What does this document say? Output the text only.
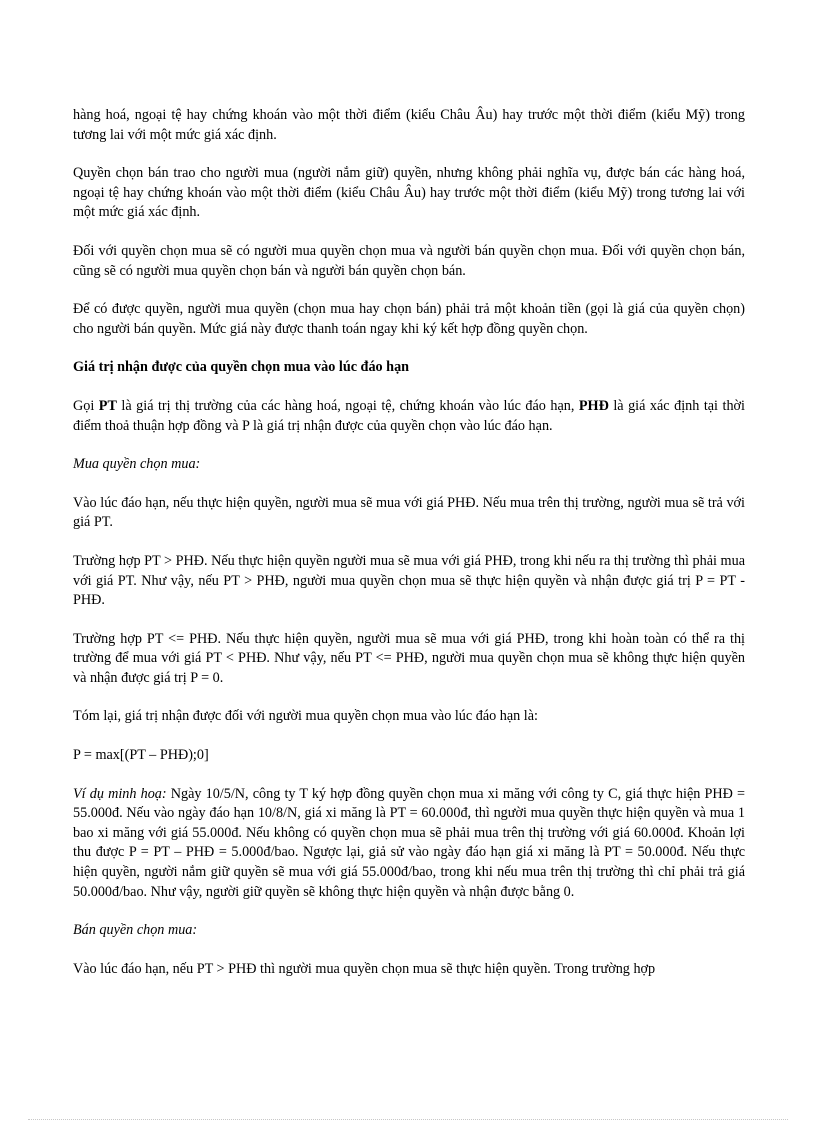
hàng hoá, ngoại tệ hay chứng khoán vào một thời điểm (kiểu Châu Âu) hay trước một thời điểm (kiểu Mỹ) trong tương lai với một mức giá xác định.

Quyền chọn bán trao cho người mua (người nắm giữ) quyền, nhưng không phải nghĩa vụ, được bán các hàng hoá, ngoại tệ hay chứng khoán vào một thời điểm (kiểu Châu Âu) hay trước một thời điểm (kiểu Mỹ) trong tương lai với một mức giá xác định.

Đối với quyền chọn mua sẽ có người mua quyền chọn mua và người bán quyền chọn mua. Đối với quyền chọn bán, cũng sẽ có người mua quyền chọn bán và người bán quyền chọn bán.

Để có được quyền, người mua quyền (chọn mua hay chọn bán) phải trả một khoản tiền (gọi là giá của quyền chọn) cho người bán quyền. Mức giá này được thanh toán ngay khi ký kết hợp đồng quyền chọn.

Giá trị nhận được của quyền chọn mua vào lúc đáo hạn

Gọi PT là giá trị thị trường của các hàng hoá, ngoại tệ, chứng khoán vào lúc đáo hạn, PHĐ là giá xác định tại thời điểm thoả thuận hợp đồng và P là giá trị nhận được của quyền chọn vào lúc đáo hạn.

Mua quyền chọn mua:

Vào lúc đáo hạn, nếu thực hiện quyền, người mua sẽ mua với giá PHĐ. Nếu mua trên thị trường, người mua sẽ trả với giá PT.

Trường hợp PT > PHĐ. Nếu thực hiện quyền người mua sẽ mua với giá PHĐ, trong khi nếu ra thị trường thì phải mua với giá PT. Như vậy, nếu PT > PHĐ, người mua quyền chọn mua sẽ thực hiện quyền và nhận được giá trị P = PT - PHĐ.

Trường hợp PT <= PHĐ. Nếu thực hiện quyền, người mua sẽ mua với giá PHĐ, trong khi hoàn toàn có thể ra thị trường để mua với giá PT < PHĐ. Như vậy, nếu PT <= PHĐ, người mua quyền chọn mua sẽ không thực hiện quyền và nhận được giá trị P = 0.

Tóm lại, giá trị nhận được đối với người mua quyền chọn mua vào lúc đáo hạn là:

P = max[(PT – PHĐ);0]

Ví dụ minh hoạ: Ngày 10/5/N, công ty T ký hợp đồng quyền chọn mua xi măng với công ty C, giá thực hiện PHĐ = 55.000đ. Nếu vào ngày đáo hạn 10/8/N, giá xi măng là PT = 60.000đ, thì người mua quyền thực hiện quyền và mua 1 bao xi măng với giá 55.000đ. Nếu không có quyền chọn mua sẽ phải mua trên thị trường với giá 60.000đ. Khoản lợi thu được P = PT – PHĐ = 5.000đ/bao. Ngược lại, giả sử vào ngày đáo hạn giá xi măng là PT = 50.000đ. Nếu thực hiện quyền, người nắm giữ quyền sẽ mua với giá 55.000đ/bao, trong khi nếu mua trên thị trường thì chỉ phải trả giá 50.000đ/bao. Như vậy, người giữ quyền sẽ không thực hiện quyền và nhận được bằng 0.

Bán quyền chọn mua:

Vào lúc đáo hạn, nếu PT > PHĐ thì người mua quyền chọn mua sẽ thực hiện quyền. Trong trường hợp
